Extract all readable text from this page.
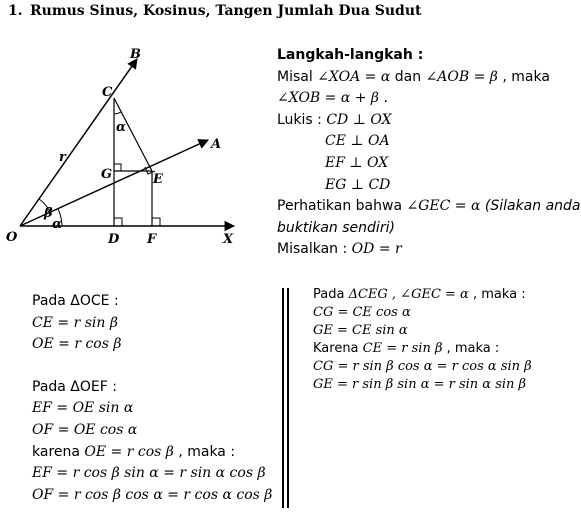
1. Rumus Sinus, Kosinus, Tangen Jumlah Dua Sudut
B
C
A
G	E
O	D F	X
r
α
α
β
Langkah-langkah :
Misal ∠XOA = α dan ∠AOB = β , maka
∠XOB = α + β .
Lukis : CD ⊥ OX
CE ⊥ OA
EF ⊥ OX
EG ⊥ CD
Perhatikan bahwa ∠GEC = α (Silakan anda
buktikan sendiri)
Misalkan : OD = r
Pada ΔOCE :
CE = r sin β
OE = r cos β
Pada ΔOEF :
EF = OE sin α
OF = OE cos α
karena OE = r cos β , maka :
EF = r cos β sin α = r sin α cos β
OF = r cos β cos α = r cos α cos β
Pada ΔCEG , ∠GEC = α , maka :
CG = CE cos α
GE = CE sin α
Karena CE = r sin β , maka :
CG = r sin β cos α = r cos α sin β
GE = r sin β sin α = r sin α sin β
